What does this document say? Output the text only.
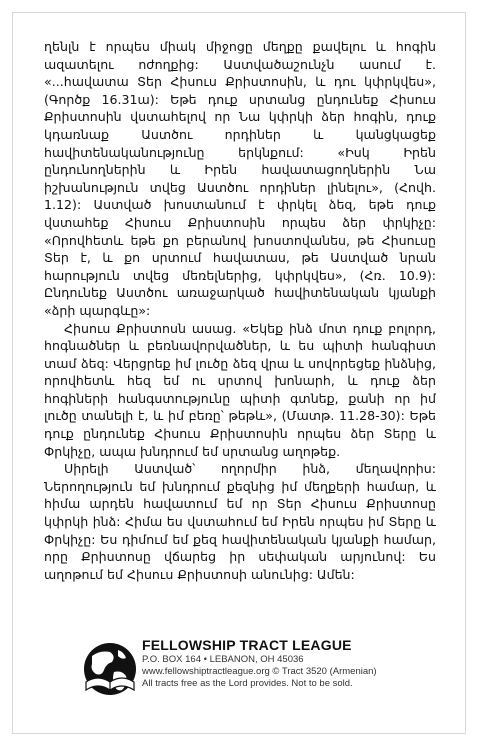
ղենլն է որպես միակ միջոցը մեղքը քավելու և հոգին ազատելու ոժողքից: Աստվածաշունչն ասում է. «...հավատա Տեր Հիսուս Քրիստոսին, և դու կփրկվես», (Գործք 16.31ա): Եթե դուք սրտանց ընդունեք Հիսուս Քրիստոսին վստահելով որ Նա կփրկի ձեր հոգին, դուք կդառնաք Աստծու որդիներ և կանցկացեք հավիտենականությունը երկնքում: «Իսկ Իրեն ընդունողներին և Իրեն հավատացողներին Նա իշխանություն տվեց Աստծու որդիներ լինելու», (Հովհ. 1.12): Աստված խոստանում է փրկել ձեզ, եթե դուք վստահեք Հիսուս Քրիստոսին որպես ձեր փրկիչը: «Որովհետև եթե քո բերանով խոստովանես, թե Հիսուսը Տեր է, և քո սրտում հավատաս, թե Աստված նրան հարություն տվեց մեռելներից, կփրկվես», (Հռ. 10.9): Ընդունեք Աստծու առաջարկած հավիտենական կյանքի «ձրի պարգևը»:

Հիսուս Քրիստոսն ասաց. «Եկեք ինձ մոտ դուք բոլորդ, հոգնածներ և բեռնավորվածներ, և ես պիտի հանգիստ տամ ձեզ: Վերցրեք իմ լուծը ձեզ վրա և սովորեցեք ինձնից, որովհետև հեզ եմ ու սրտով խոնարհ, և դուք ձեր հոգիների հանգստությունը պիտի գտնեք, քանի որ իմ լուծը տանելի է, և իմ բեռը՝ թեթև», (Մատթ. 11.28-30): Եթե դուք ընդունեք Հիսուս Քրիստոսին որպես ձեր Տերը և Փրկիչը, ապա խնդրում եմ սրտանց աղոթեք.

Սիրելի Աստված՝ ողորմիր ինձ, մեղավորիս: Ներողություն եմ խնդրում քեզնից իմ մեղքերի համար, և հիմա արդեն հավատում եմ որ Տեր Հիսուս Քրիստոսը կփրկի ինձ: Հիմա ես վստահում եմ Իրեն որպես իմ Տերը և Փրկիչը: Ես դիմում եմ քեզ հավիտենական կյանքի համար, որը Քրիստոսը վճարեց իր սեփական արյունով: Ես աղոթում եմ Հիսուս Քրիստոսի անունից: Ամեն:

FELLOWSHIP TRACT LEAGUE
P.O. BOX 164 • LEBANON, OH 45036
www.fellowshiptractleague.org © Tract 3520 (Armenian)
All tracts free as the Lord provides. Not to be sold.
